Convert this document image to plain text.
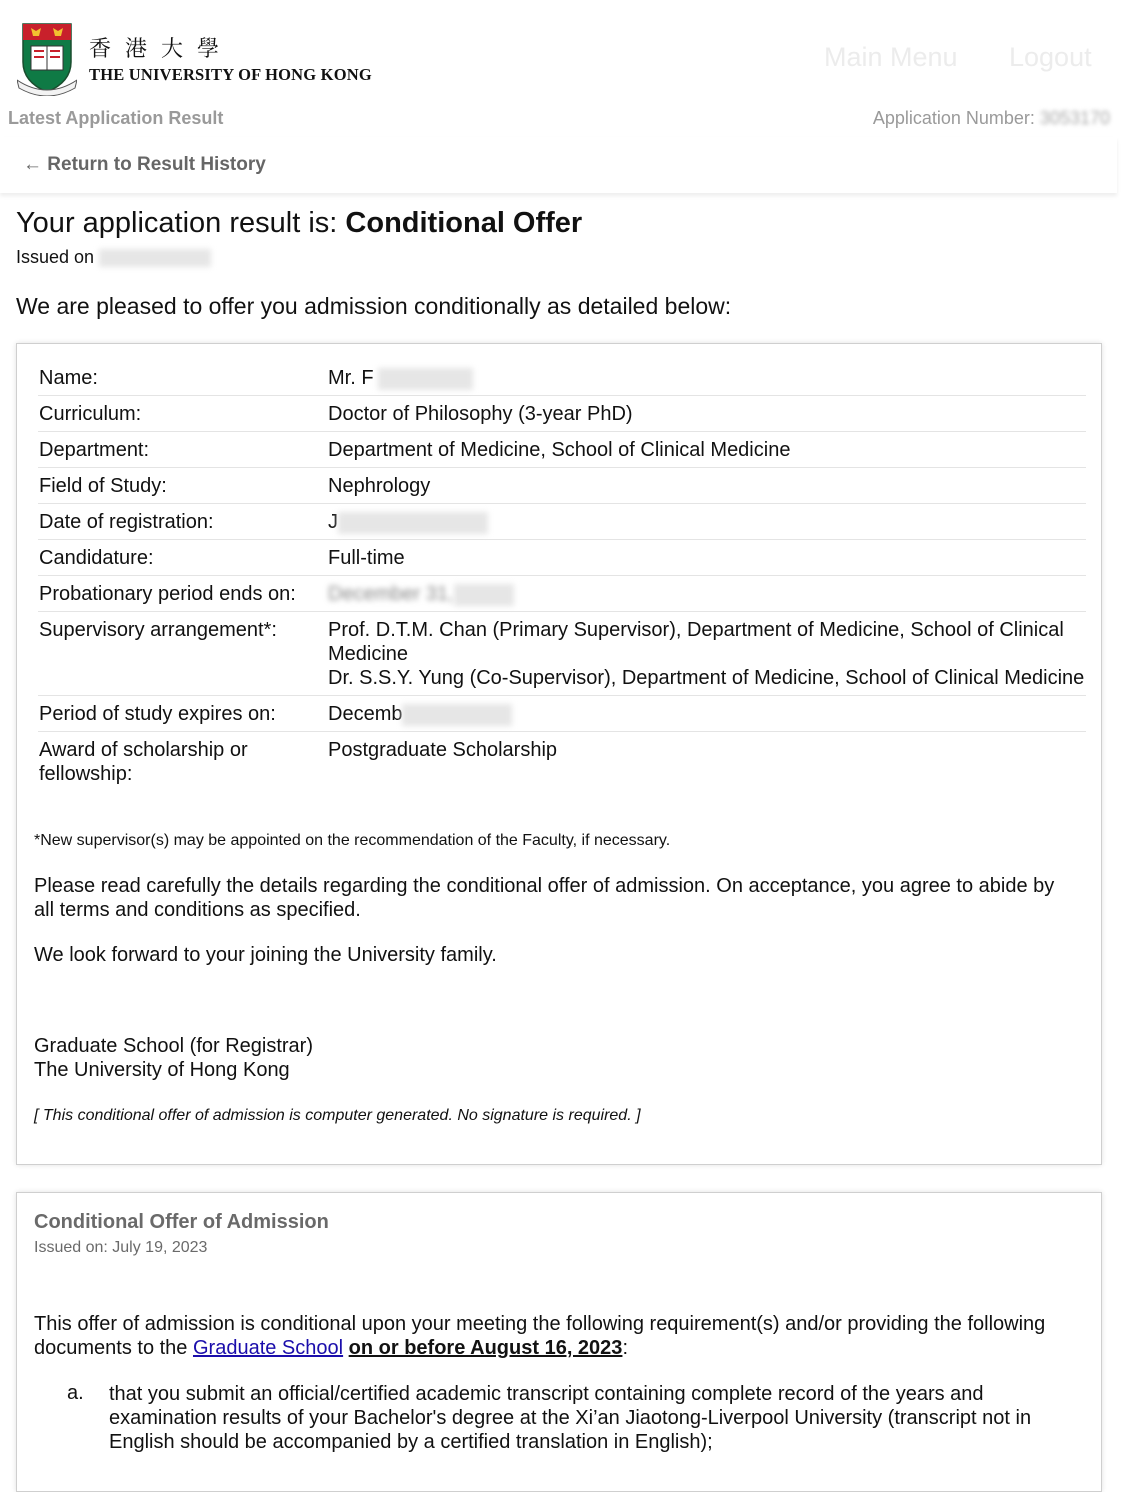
香港大學
THE UNIVERSITY OF HONG KONG
Main Menu Logout
Latest Application Result	Application Number: 3053170
← Return to Result History
Your application result is: Conditional Offer
Issued on
We are pleased to offer you admission conditionally as detailed below:
Name:	Mr. F
Curriculum:	Doctor of Philosophy (3-year PhD)
Department:	Department of Medicine, School of Clinical Medicine
Field of Study:	Nephrology
Date of registration:	J
Candidature:	Full-time
Probationary period ends on:	December 31,
Supervisory arrangement*:	Prof. D.T.M. Chan (Primary Supervisor), Department of Medicine, School of Clinical Medicine
Dr. S.S.Y. Yung (Co-Supervisor), Department of Medicine, School of Clinical Medicine

Period of study expires on:	Decemb
Award of scholarship or fellowship:	Postgraduate Scholarship
*New supervisor(s) may be appointed on the recommendation of the Faculty, if necessary.
Please read carefully the details regarding the conditional offer of admission. On acceptance, you agree to abide by all terms and conditions as specified.
We look forward to your joining the University family.
Graduate School (for Registrar)
The University of Hong Kong
[ This conditional offer of admission is computer generated. No signature is required. ]
Conditional Offer of Admission
Issued on: July 19, 2023
This offer of admission is conditional upon your meeting the following requirement(s) and/or providing the following documents to the Graduate School on or before August 16, 2023:
a. that you submit an official/certified academic transcript containing complete record of the years and examination results of your Bachelor's degree at the Xi’an Jiaotong-Liverpool University (transcript not in English should be accompanied by a certified translation in English);
